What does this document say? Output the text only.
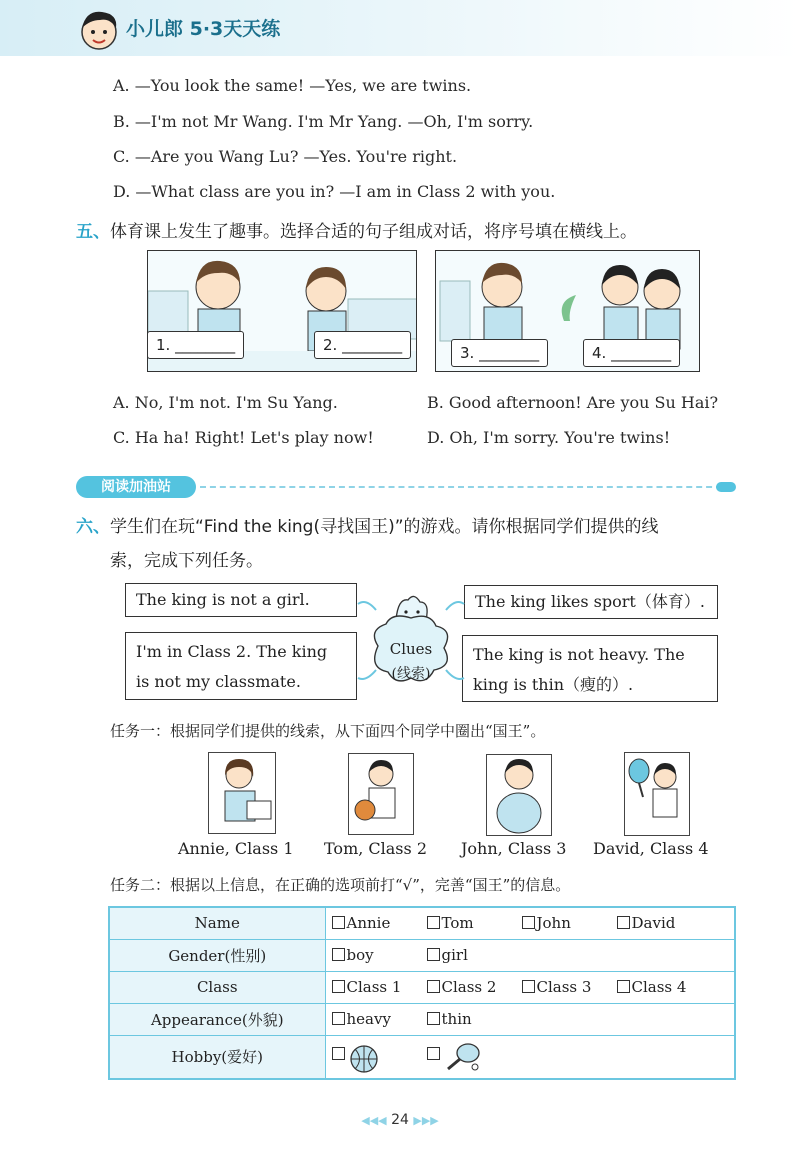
小儿郎 5·3天天练
A. —You look the same! —Yes, we are twins.
B. —I'm not Mr Wang. I'm Mr Yang. —Oh, I'm sorry.
C. —Are you Wang Lu? —Yes. You're right.
D. —What class are you in? —I am in Class 2 with you.
五、体育课上发生了趣事。选择合适的句子组成对话，将序号填在横线上。
1. ________	2. ________	3. ________	4. ________
A. No, I'm not. I'm Su Yang.	B. Good afternoon! Are you Su Hai?
C. Ha ha! Right! Let's play now!	D. Oh, I'm sorry. You're twins!
阅读加油站
六、学生们在玩“Find the king(寻找国王)”的游戏。请你根据同学们提供的线
索，完成下列任务。
The king is not a girl.	The king likes sport（体育）.
I'm in Class 2. The king
is not my classmate.
The king is not heavy. The
king is thin（瘦的）.
Clues
(线索)
任务一：根据同学们提供的线索，从下面四个同学中圈出“国王”。
Annie, Class 1 Tom, Class 2 John, Class 3 David, Class 4
任务二：根据以上信息，在正确的选项前打“√”，完善“国王”的信息。
Name	Annie Tom John David
Gender(性别)	boy girl
Class	Class 1 Class 2 Class 3 Class 4
Appearance(外貌)	heavy thin
Hobby(爱好)	
◀◀◀ 24 ▶▶▶
